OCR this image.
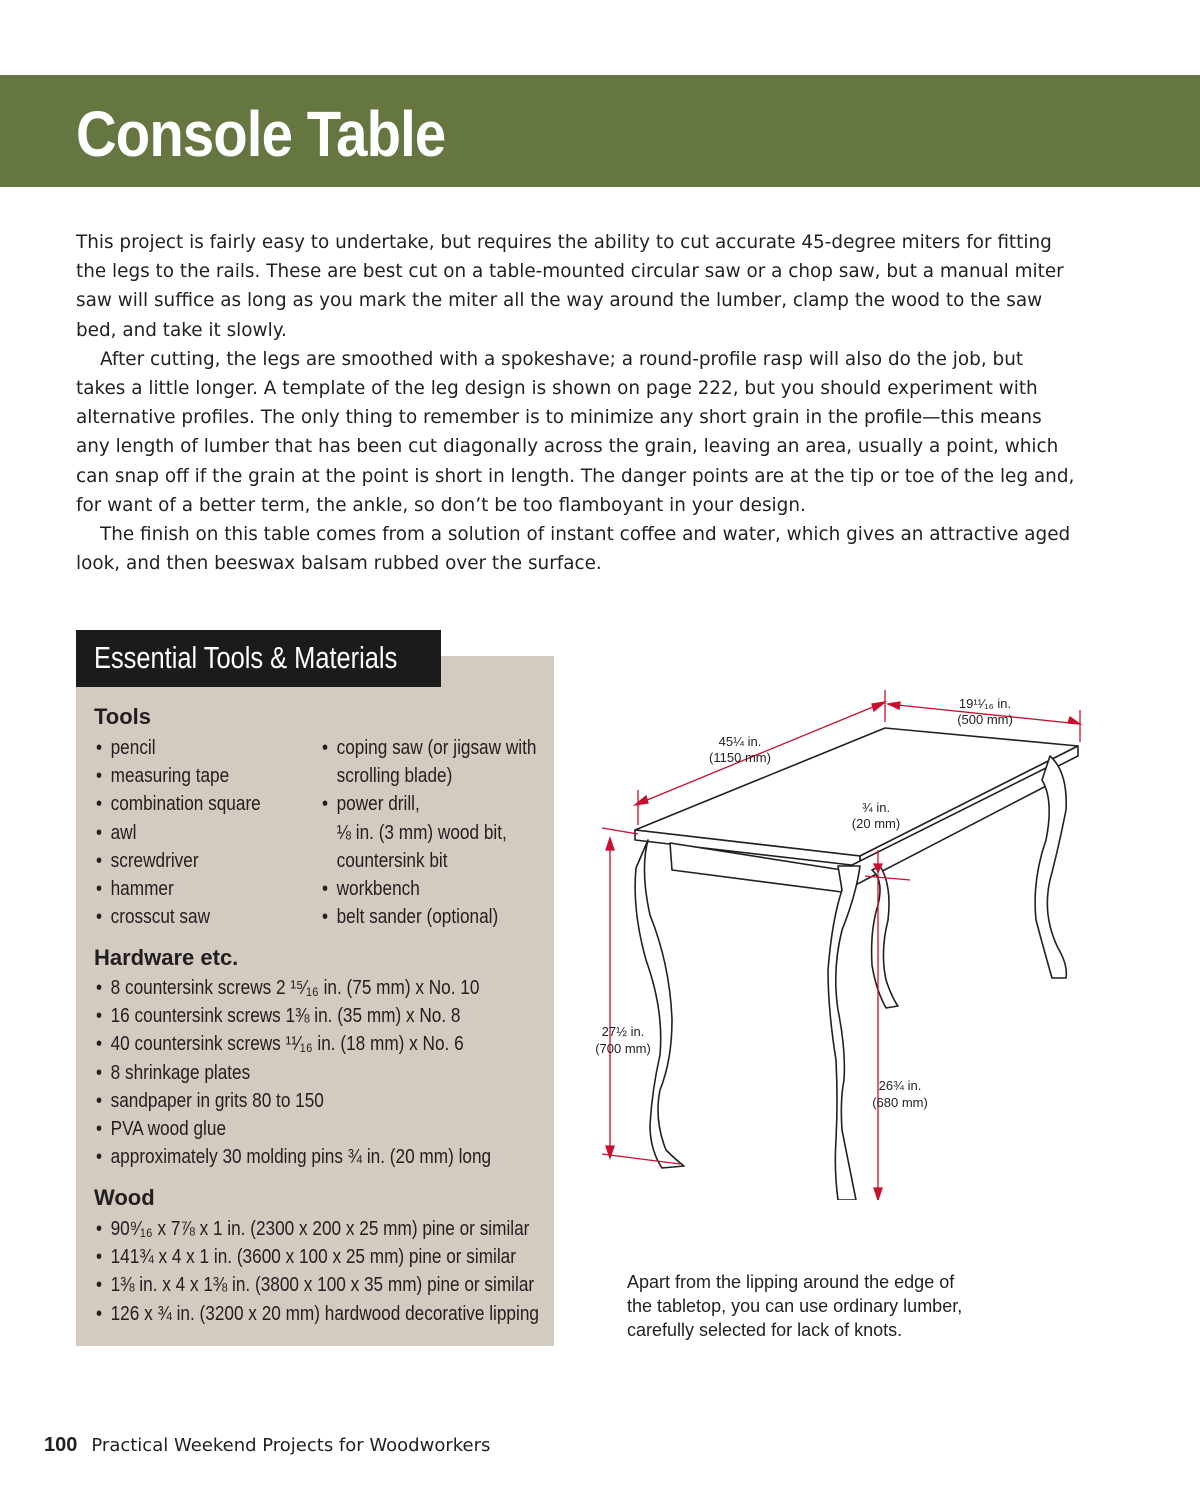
Console Table

This project is fairly easy to undertake, but requires the ability to cut accurate 45-degree miters for fitting the legs to the rails. These are best cut on a table-mounted circular saw or a chop saw, but a manual miter saw will suffice as long as you mark the miter all the way around the lumber, clamp the wood to the saw bed, and take it slowly.

After cutting, the legs are smoothed with a spokeshave; a round-profile rasp will also do the job, but takes a little longer. A template of the leg design is shown on page 222, but you should experiment with alternative profiles. The only thing to remember is to minimize any short grain in the profile—this means any length of lumber that has been cut diagonally across the grain, leaving an area, usually a point, which can snap off if the grain at the point is short in length. The danger points are at the tip or toe of the leg and, for want of a better term, the ankle, so don’t be too flamboyant in your design.

The finish on this table comes from a solution of instant coffee and water, which gives an attractive aged look, and then beeswax balsam rubbed over the surface.

Essential Tools & Materials
Tools
• pencil
• measuring tape
• combination square
• awl
• screwdriver
• hammer
• crosscut saw
• coping saw (or jigsaw with
scrolling blade)
• power drill,
⅛ in. (3 mm) wood bit,
countersink bit
• workbench
• belt sander (optional)
Hardware etc.
• 8 countersink screws 2 ¹⁵⁄₁₆ in. (75 mm) x No. 10
• 16 countersink screws 1⅜ in. (35 mm) x No. 8
• 40 countersink screws ¹¹⁄₁₆ in. (18 mm) x No. 6
• 8 shrinkage plates
• sandpaper in grits 80 to 150
• PVA wood glue
• approximately 30 molding pins ¾ in. (20 mm) long
Wood
• 90⁹⁄₁₆ x 7⅞ x 1 in. (2300 x 200 x 25 mm) pine or similar
• 141¾ x 4 x 1 in. (3600 x 100 x 25 mm) pine or similar
• 1⅜ in. x 4 x 1⅜ in. (3800 x 100 x 35 mm) pine or similar
• 126 x ¾ in. (3200 x 20 mm) hardwood decorative lipping
45¼ in.
(1150 mm)
19¹¹⁄₁₆ in.
(500 mm)
¾ in.
(20 mm)
27½ in.
(700 mm)
26¾ in.
(680 mm)

Apart from the lipping around the edge of

the tabletop, you can use ordinary lumber,

carefully selected for lack of knots.

100 Practical Weekend Projects for Woodworkers
